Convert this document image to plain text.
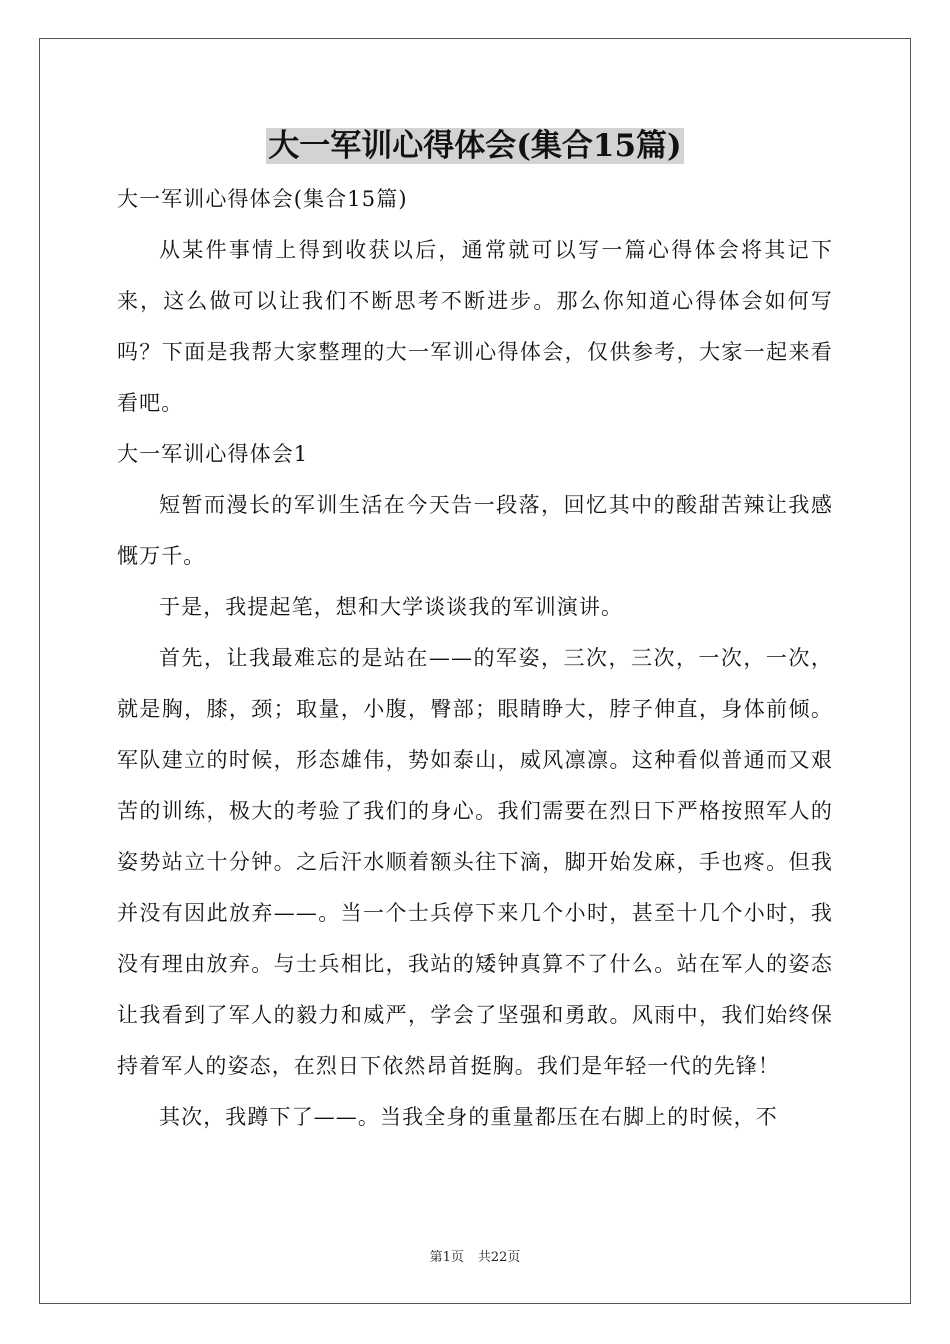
大一军训心得体会(集合15篇)

大一军训心得体会(集合15篇)

从某件事情上得到收获以后，通常就可以写一篇心得体会将其记下来，这么做可以让我们不断思考不断进步。那么你知道心得体会如何写吗？下面是我帮大家整理的大一军训心得体会，仅供参考，大家一起来看看吧。

大一军训心得体会1

短暂而漫长的军训生活在今天告一段落，回忆其中的酸甜苦辣让我感慨万千。

于是，我提起笔，想和大学谈谈我的军训演讲。

首先，让我最难忘的是站在——的军姿，三次，三次，一次，一次，就是胸，膝，颈；取量，小腹，臀部；眼睛睁大，脖子伸直，身体前倾。军队建立的时候，形态雄伟，势如泰山，威风凛凛。这种看似普通而又艰苦的训练，极大的考验了我们的身心。我们需要在烈日下严格按照军人的姿势站立十分钟。之后汗水顺着额头往下滴，脚开始发麻，手也疼。但我并没有因此放弃——。当一个士兵停下来几个小时，甚至十几个小时，我没有理由放弃。与士兵相比，我站的矮钟真算不了什么。站在军人的姿态让我看到了军人的毅力和威严，学会了坚强和勇敢。风雨中，我们始终保持着军人的姿态，在烈日下依然昂首挺胸。我们是年轻一代的先锋！

其次，我蹲下了——。当我全身的重量都压在右脚上的时候，不

第1页 共22页
